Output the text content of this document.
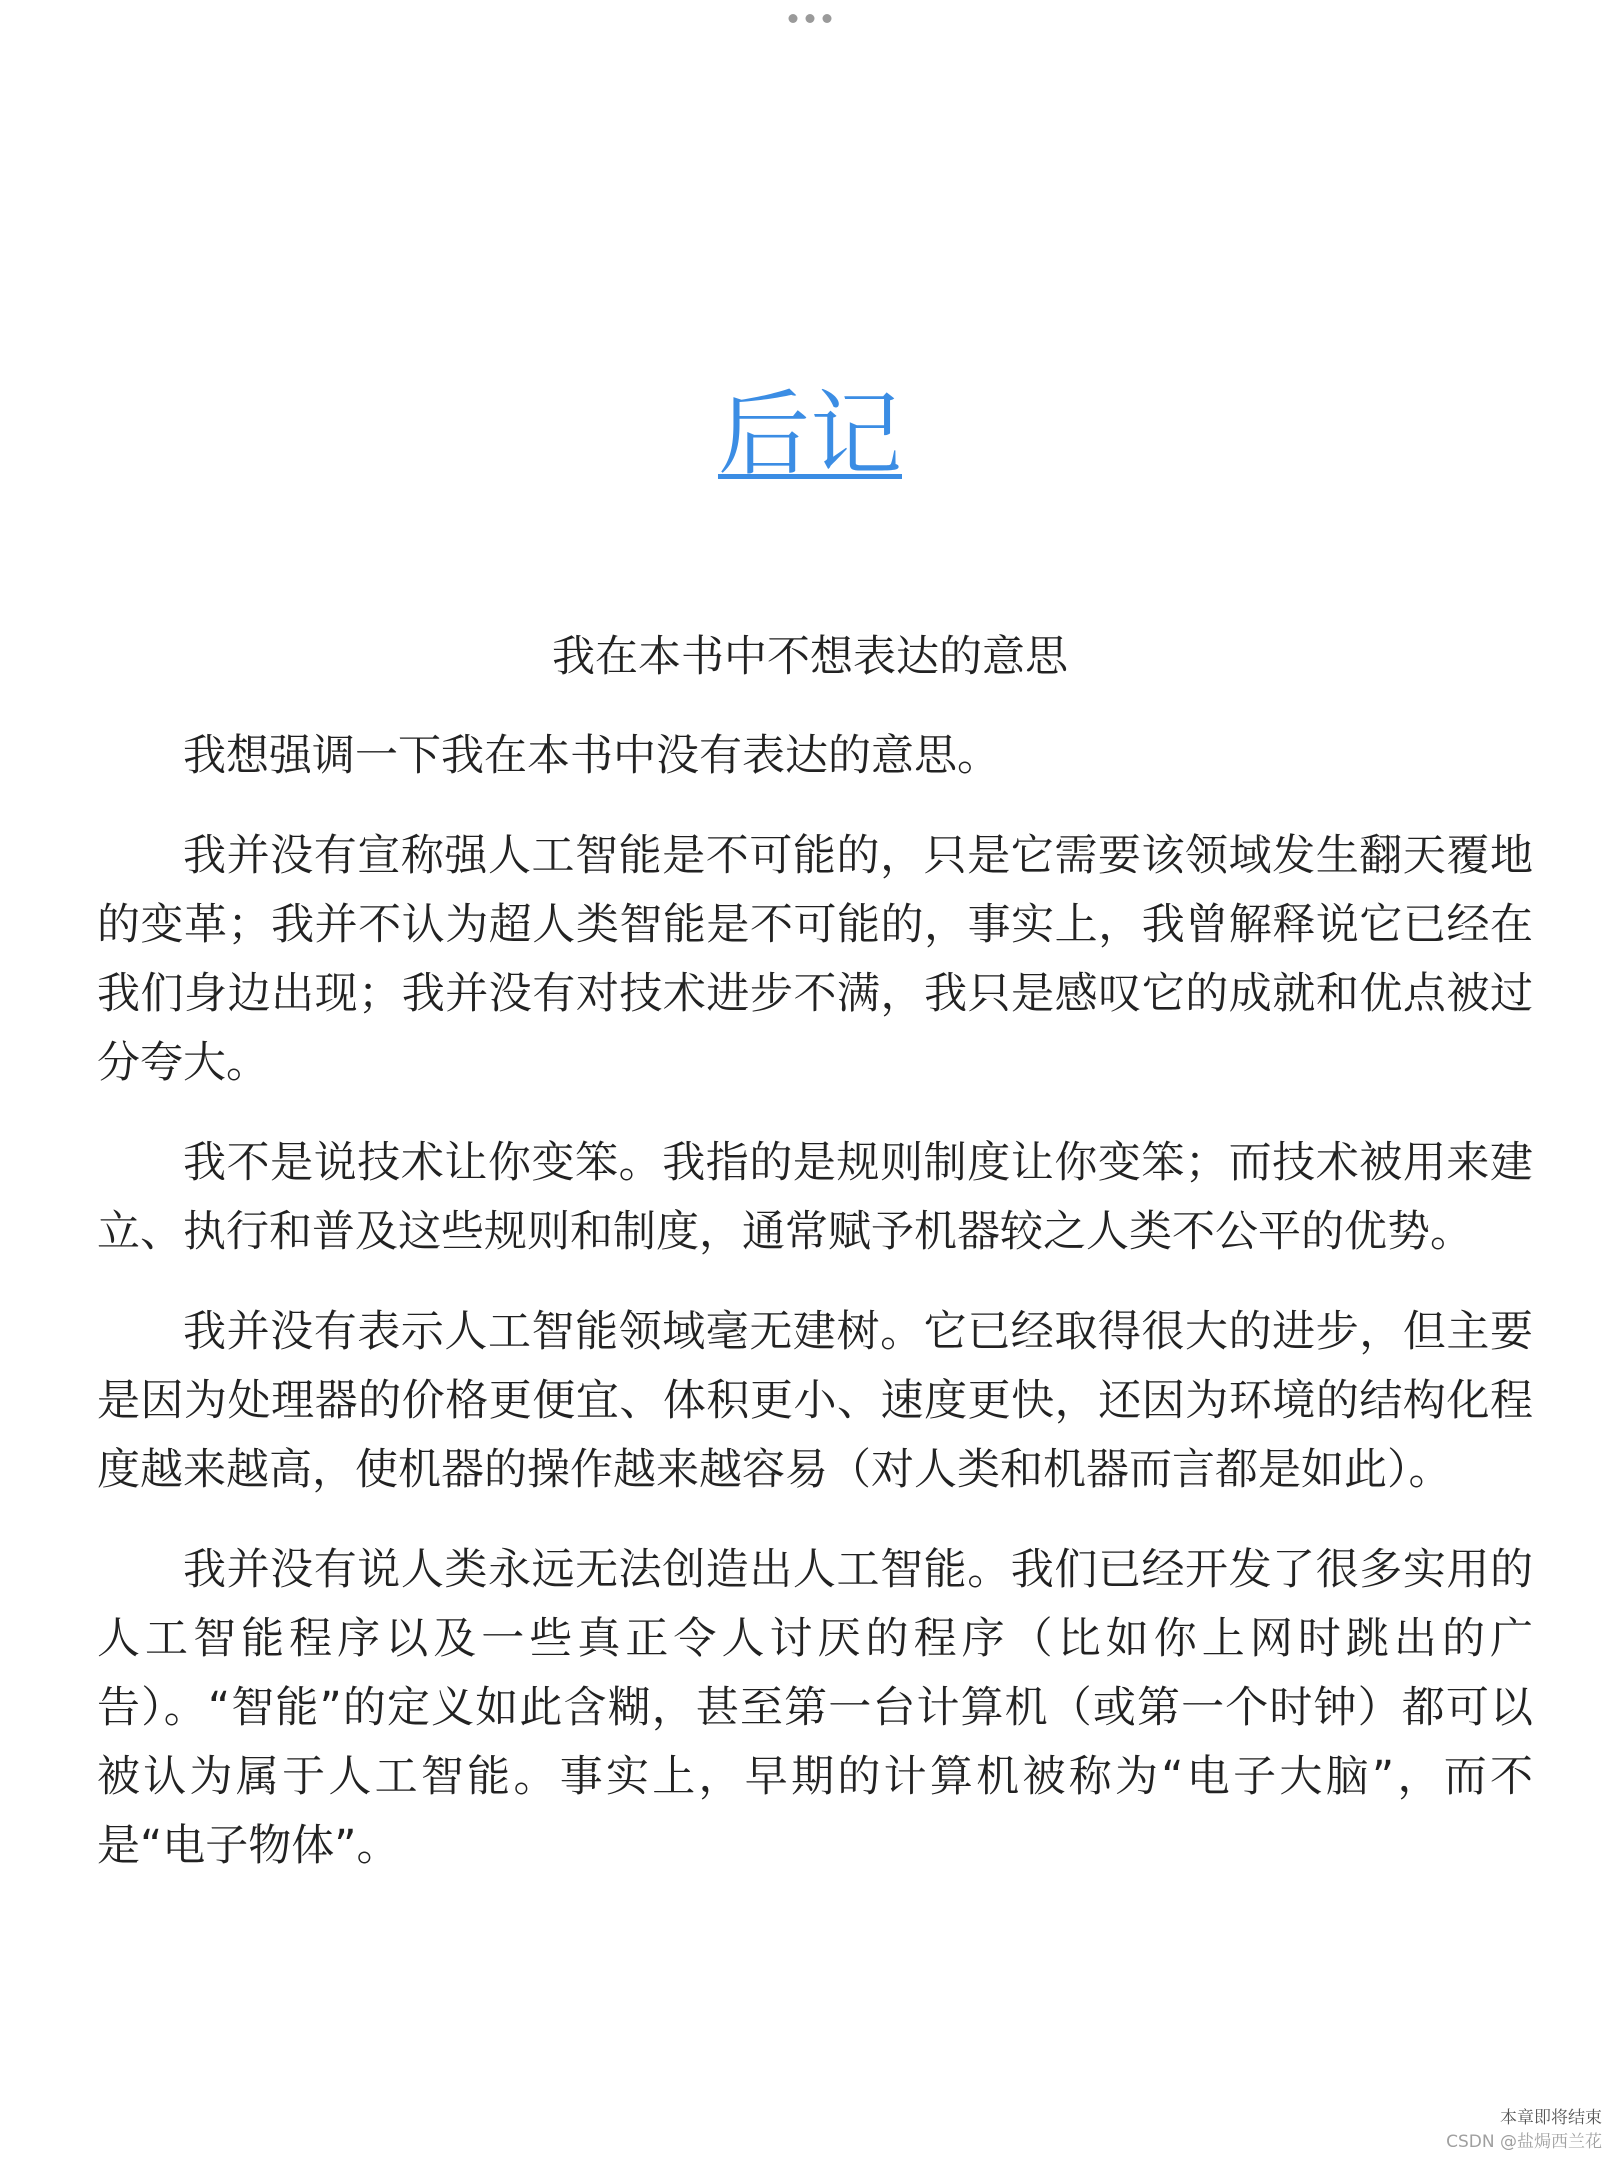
后记
我在本书中不想表达的意思

我想强调一下我在本书中没有表达的意思。

我并没有宣称强人工智能是不可能的，只是它需要该领域发生翻天覆地的变革；我并不认为超人类智能是不可能的，事实上，我曾解释说它已经在我们身边出现；我并没有对技术进步不满，我只是感叹它的成就和优点被过分夸大。

我不是说技术让你变笨。我指的是规则制度让你变笨；而技术被用来建立、执行和普及这些规则和制度，通常赋予机器较之人类不公平的优势。

我并没有表示人工智能领域毫无建树。它已经取得很大的进步，但主要是因为处理器的价格更便宜、体积更小、速度更快，还因为环境的结构化程度越来越高，使机器的操作越来越容易（对人类和机器而言都是如此）。

我并没有说人类永远无法创造出人工智能。我们已经开发了很多实用的人工智能程序以及一些真正令人讨厌的程序（比如你上网时跳出的广告）。“智能”的定义如此含糊，甚至第一台计算机（或第一个时钟）都可以被认为属于人工智能。事实上，早期的计算机被称为“电子大脑”，而不是“电子物体”。

本章即将结束
CSDN @盐焗西兰花
